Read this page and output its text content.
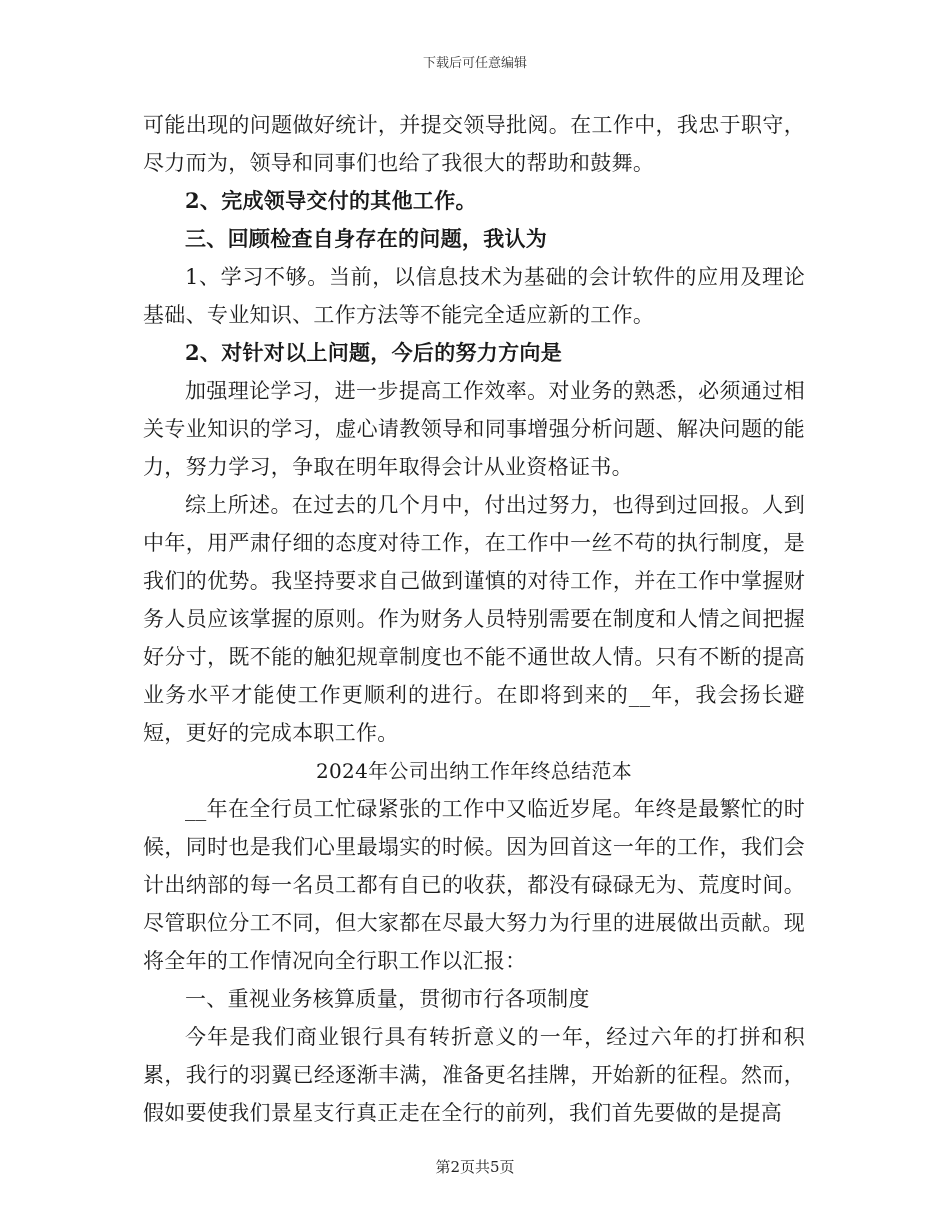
下载后可任意编辑

可能出现的问题做好统计，并提交领导批阅。在工作中，我忠于职守，尽力而为，领导和同事们也给了我很大的帮助和鼓舞。

2、完成领导交付的其他工作。

三、回顾检查自身存在的问题，我认为

1、学习不够。当前，以信息技术为基础的会计软件的应用及理论基础、专业知识、工作方法等不能完全适应新的工作。

2、对针对以上问题，今后的努力方向是

加强理论学习，进一步提高工作效率。对业务的熟悉，必须通过相关专业知识的学习，虚心请教领导和同事增强分析问题、解决问题的能力，努力学习，争取在明年取得会计从业资格证书。

综上所述。在过去的几个月中，付出过努力，也得到过回报。人到中年，用严肃仔细的态度对待工作，在工作中一丝不苟的执行制度，是我们的优势。我坚持要求自己做到谨慎的对待工作，并在工作中掌握财务人员应该掌握的原则。作为财务人员特别需要在制度和人情之间把握好分寸，既不能的触犯规章制度也不能不通世故人情。只有不断的提高业务水平才能使工作更顺利的进行。在即将到来的__年，我会扬长避短，更好的完成本职工作。

2024年公司出纳工作年终总结范本

__年在全行员工忙碌紧张的工作中又临近岁尾。年终是最繁忙的时候，同时也是我们心里最塌实的时候。因为回首这一年的工作，我们会计出纳部的每一名员工都有自已的收获，都没有碌碌无为、荒度时间。尽管职位分工不同，但大家都在尽最大努力为行里的进展做出贡献。现将全年的工作情况向全行职工作以汇报：

一、重视业务核算质量，贯彻市行各项制度

今年是我们商业银行具有转折意义的一年，经过六年的打拼和积累，我行的羽翼已经逐渐丰满，准备更名挂牌，开始新的征程。然而，假如要使我们景星支行真正走在全行的前列，我们首先要做的是提高

第2页共5页
